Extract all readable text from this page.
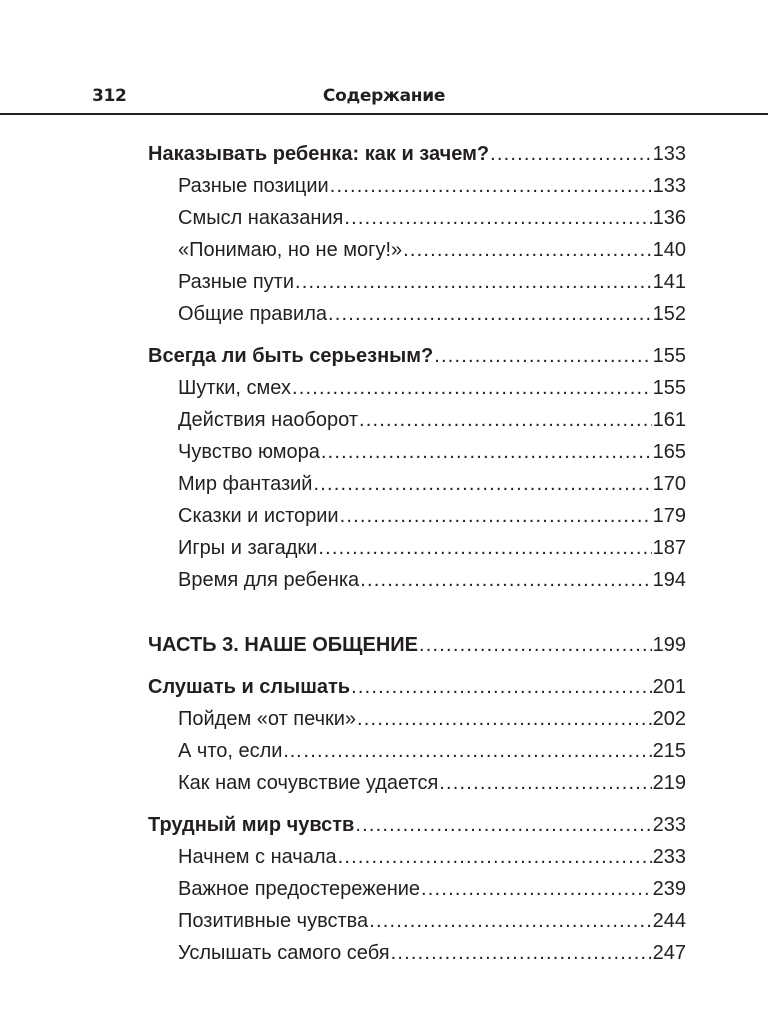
312	Содержание
Наказывать ребенка: как и зачем? .....	133
Разные позиции .....	133
Смысл наказания .....	136
«Понимаю, но не могу!» .....	140
Разные пути .....	141
Общие правила .....	152
Всегда ли быть серьезным? .....	155
Шутки, смех .....	155
Действия наоборот .....	161
Чувство юмора .....	165
Мир фантазий .....	170
Сказки и истории .....	179
Игры и загадки .....	187
Время для ребенка .....	194
ЧАСТЬ 3. НАШЕ ОБЩЕНИЕ .....	199
Слушать и слышать .....	201
Пойдем «от печки» .....	202
А что, если… .....	215
Как нам сочувствие удается .....	219
Трудный мир чувств .....	233
Начнем с начала .....	233
Важное предостережение .....	239
Позитивные чувства .....	244
Услышать самого себя .....	247
